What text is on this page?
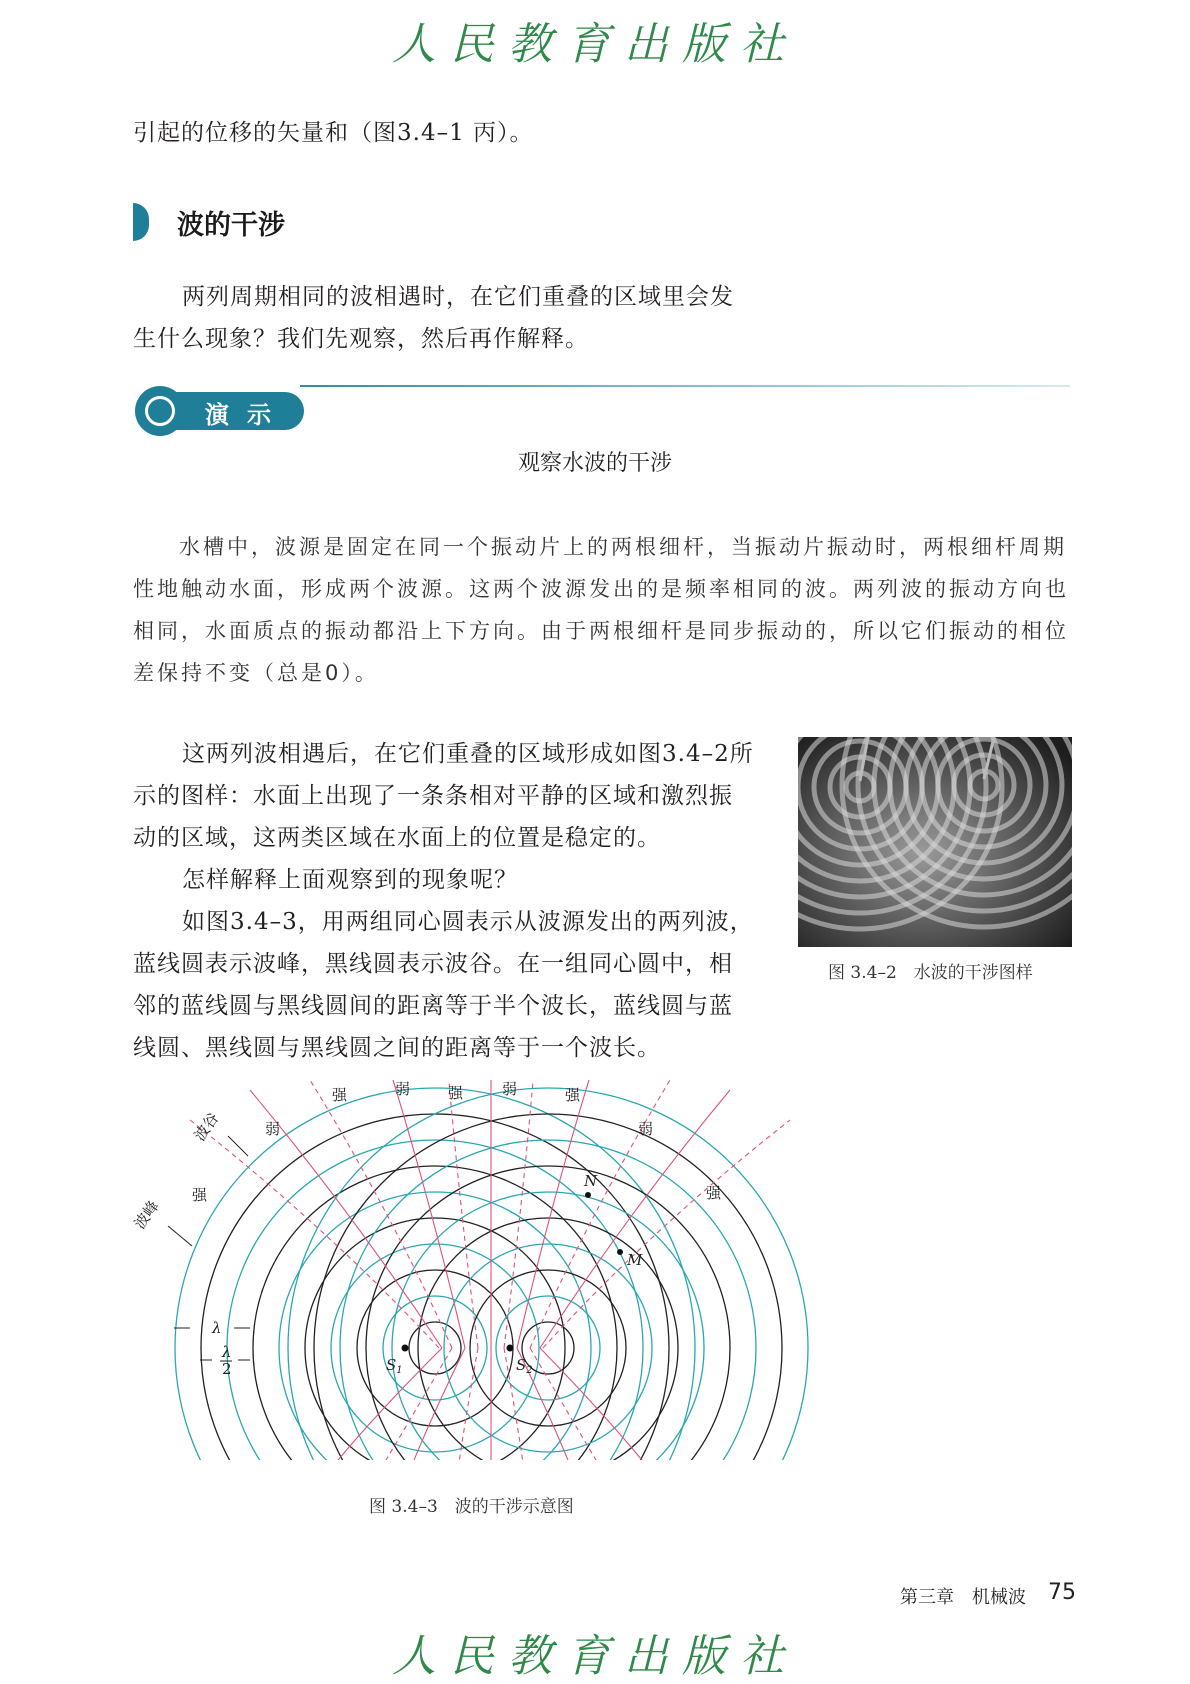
人民教育出版社
引起的位移的矢量和（图3.4–1 丙）。
波的干涉
两列周期相同的波相遇时，在它们重叠的区域里会发
生什么现象？我们先观察，然后再作解释。
演示
观察水波的干涉
水槽中，波源是固定在同一个振动片上的两根细杆，当振动片振动时，两根细杆周期
性地触动水面，形成两个波源。这两个波源发出的是频率相同的波。两列波的振动方向也
相同，水面质点的振动都沿上下方向。由于两根细杆是同步振动的，所以它们振动的相位
差保持不变（总是0）。
这两列波相遇后，在它们重叠的区域形成如图3.4–2所
示的图样：水面上出现了一条条相对平静的区域和激烈振
动的区域，这两类区域在水面上的位置是稳定的。
怎样解释上面观察到的现象呢？
如图3.4–3，用两组同心圆表示从波源发出的两列波，
蓝线圆表示波峰，黑线圆表示波谷。在一组同心圆中，相
邻的蓝线圆与黑线圆间的距离等于半个波长，蓝线圆与蓝
线圆、黑线圆与黑线圆之间的距离等于一个波长。
图 3.4–2　水波的干涉图样
$S_1$	$S_2$
N
M
强	弱	强	弱	强
弱	弱
强	强
波谷
波峰
λ
λ
2
图 3.4–3　波的干涉示意图
第三章　机械波 75
人民教育出版社
